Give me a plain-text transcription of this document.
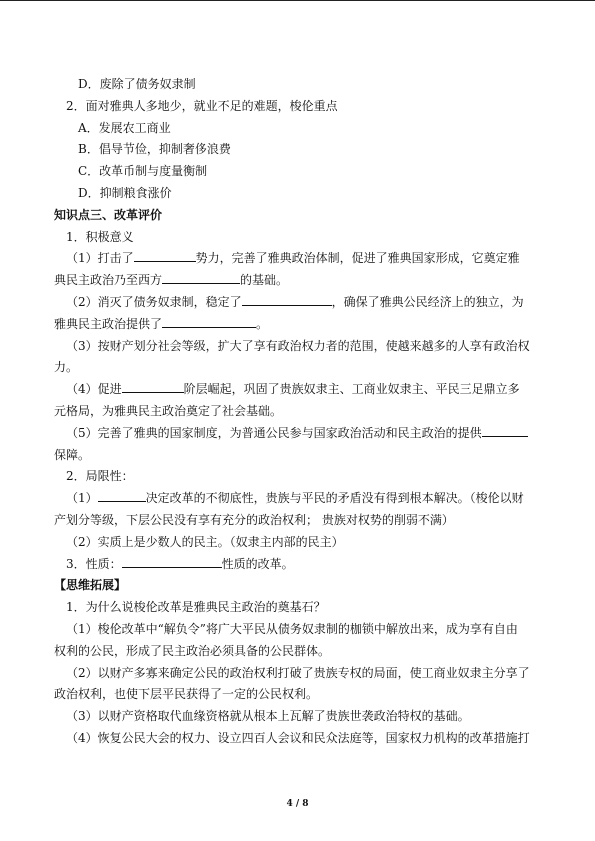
D．废除了债务奴隶制

2．面对雅典人多地少，就业不足的难题，梭伦重点

A．发展农工商业

B．倡导节俭，抑制奢侈浪费

C．改革币制与度量衡制

D．抑制粮食涨价

知识点三、改革评价

1．积极意义

（1）打击了	势力，完善了雅典政治体制，促进了雅典国家形成，它奠定雅

典民主政治乃至西方	的基础。

（2）消灭了债务奴隶制，稳定了	，确保了雅典公民经济上的独立，为

雅典民主政治提供了	。

（3）按财产划分社会等级，扩大了享有政治权力者的范围，使越来越多的人享有政治权

力。

（4）促进	阶层崛起，巩固了贵族奴隶主、工商业奴隶主、平民三足鼎立多

元格局，为雅典民主政治奠定了社会基础。

（5）完善了雅典的国家制度，为普通公民参与国家政治活动和民主政治的提供

保障。

2．局限性：

（1）	决定改革的不彻底性，贵族与平民的矛盾没有得到根本解决。（梭伦以财

产划分等级，下层公民没有享有充分的政治权利； 贵族对权势的削弱不满）

（2）实质上是少数人的民主。（奴隶主内部的民主）

3．性质：	性质的改革。

【思维拓展】

1．为什么说梭伦改革是雅典民主政治的奠基石？

（1）梭伦改革中“解负令”将广大平民从债务奴隶制的枷锁中解放出来，成为享有自由

权利的公民，形成了民主政治必须具备的公民群体。

（2）以财产多寡来确定公民的政治权利打破了贵族专权的局面，使工商业奴隶主分享了

政治权利，也使下层平民获得了一定的公民权利。

（3）以财产资格取代血缘资格就从根本上瓦解了贵族世袭政治特权的基础。

（4）恢复公民大会的权力、设立四百人会议和民众法庭等，国家权力机构的改革措施打

4 / 8
